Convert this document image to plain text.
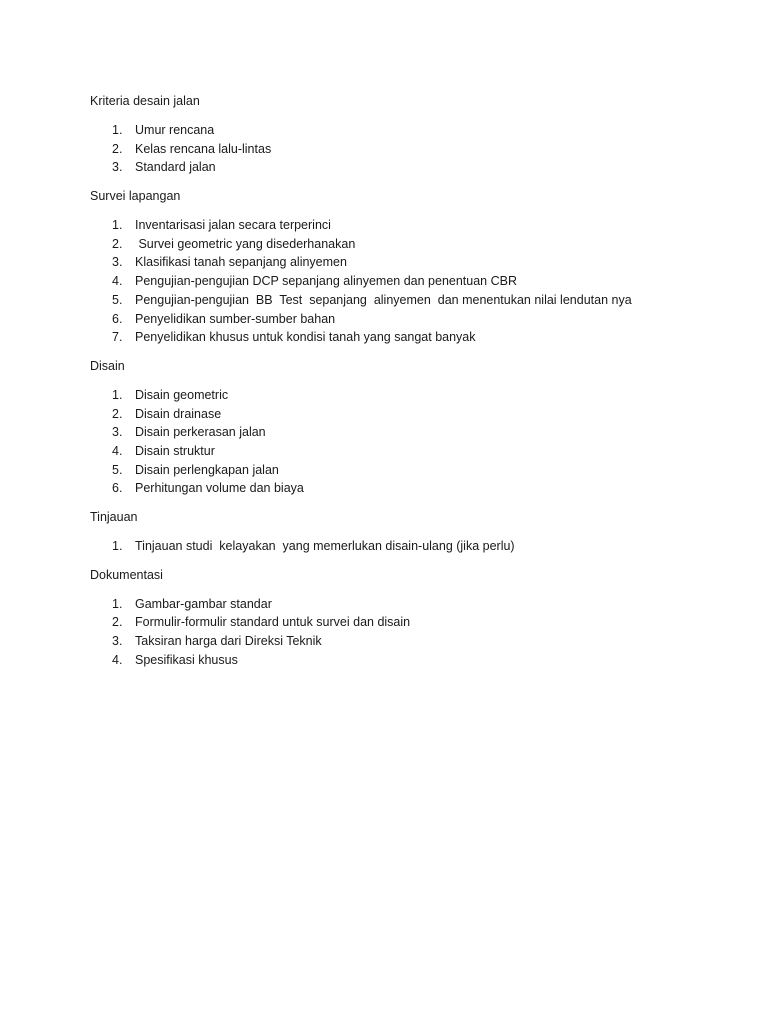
Kriteria desain jalan
1.	Umur rencana
2.	Kelas rencana lalu-lintas
3.	Standard jalan
Survei lapangan
1.	Inventarisasi jalan secara terperinci
2.	Survei geometric yang disederhanakan
3.	Klasifikasi tanah sepanjang alinyemen
4.	Pengujian-pengujian DCP sepanjang alinyemen dan penentuan CBR
5.	Pengujian-pengujian  BB  Test  sepanjang  alinyemen  dan menentukan nilai lendutan nya
6.	Penyelidikan sumber-sumber bahan
7.	Penyelidikan khusus untuk kondisi tanah yang sangat banyak
Disain
1.	Disain geometric
2.	Disain drainase
3.	Disain perkerasan jalan
4.	Disain struktur
5.	Disain perlengkapan jalan
6.	Perhitungan volume dan biaya
Tinjauan
1.	Tinjauan studi  kelayakan  yang memerlukan disain-ulang (jika perlu)
Dokumentasi
1.	Gambar-gambar standar
2.	Formulir-formulir standard untuk survei dan disain
3.	Taksiran harga dari Direksi Teknik
4.	Spesifikasi khusus
